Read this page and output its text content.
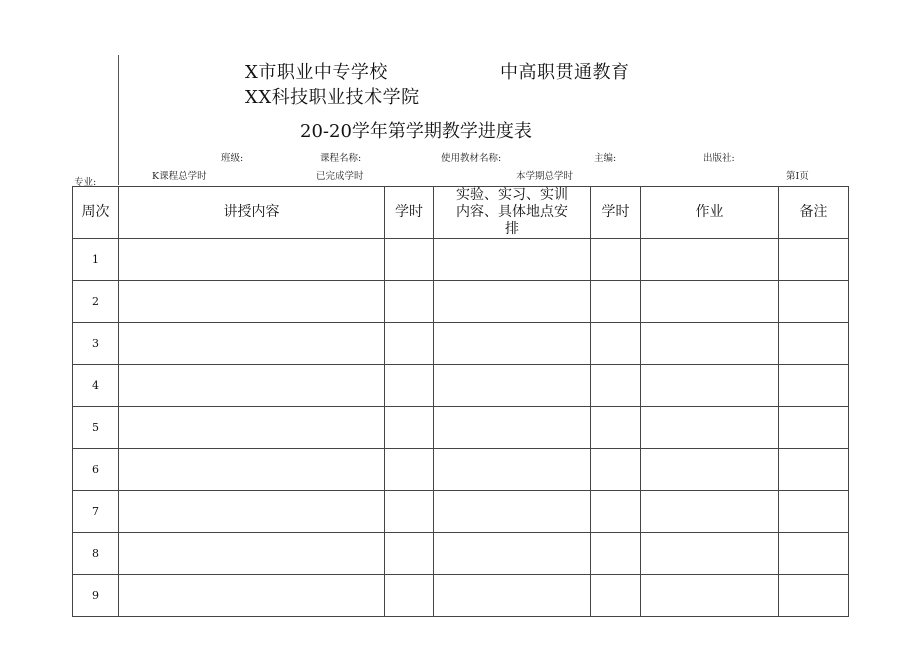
X市职业中专学校	中高职贯通教育
XX科技职业技术学院
20-20学年第学期教学进度表
班级:	课程名称:	使用教材名称:	主编:	出版社:
专业:
K课程总学时	已完成学时	本学期总学时	第I页
周次	讲授内容	学时	实验、实习、实训内容、具体地点安排	学时	作业	备注
1						
2						
3						
4						
5						
6						
7						
8						
9						
